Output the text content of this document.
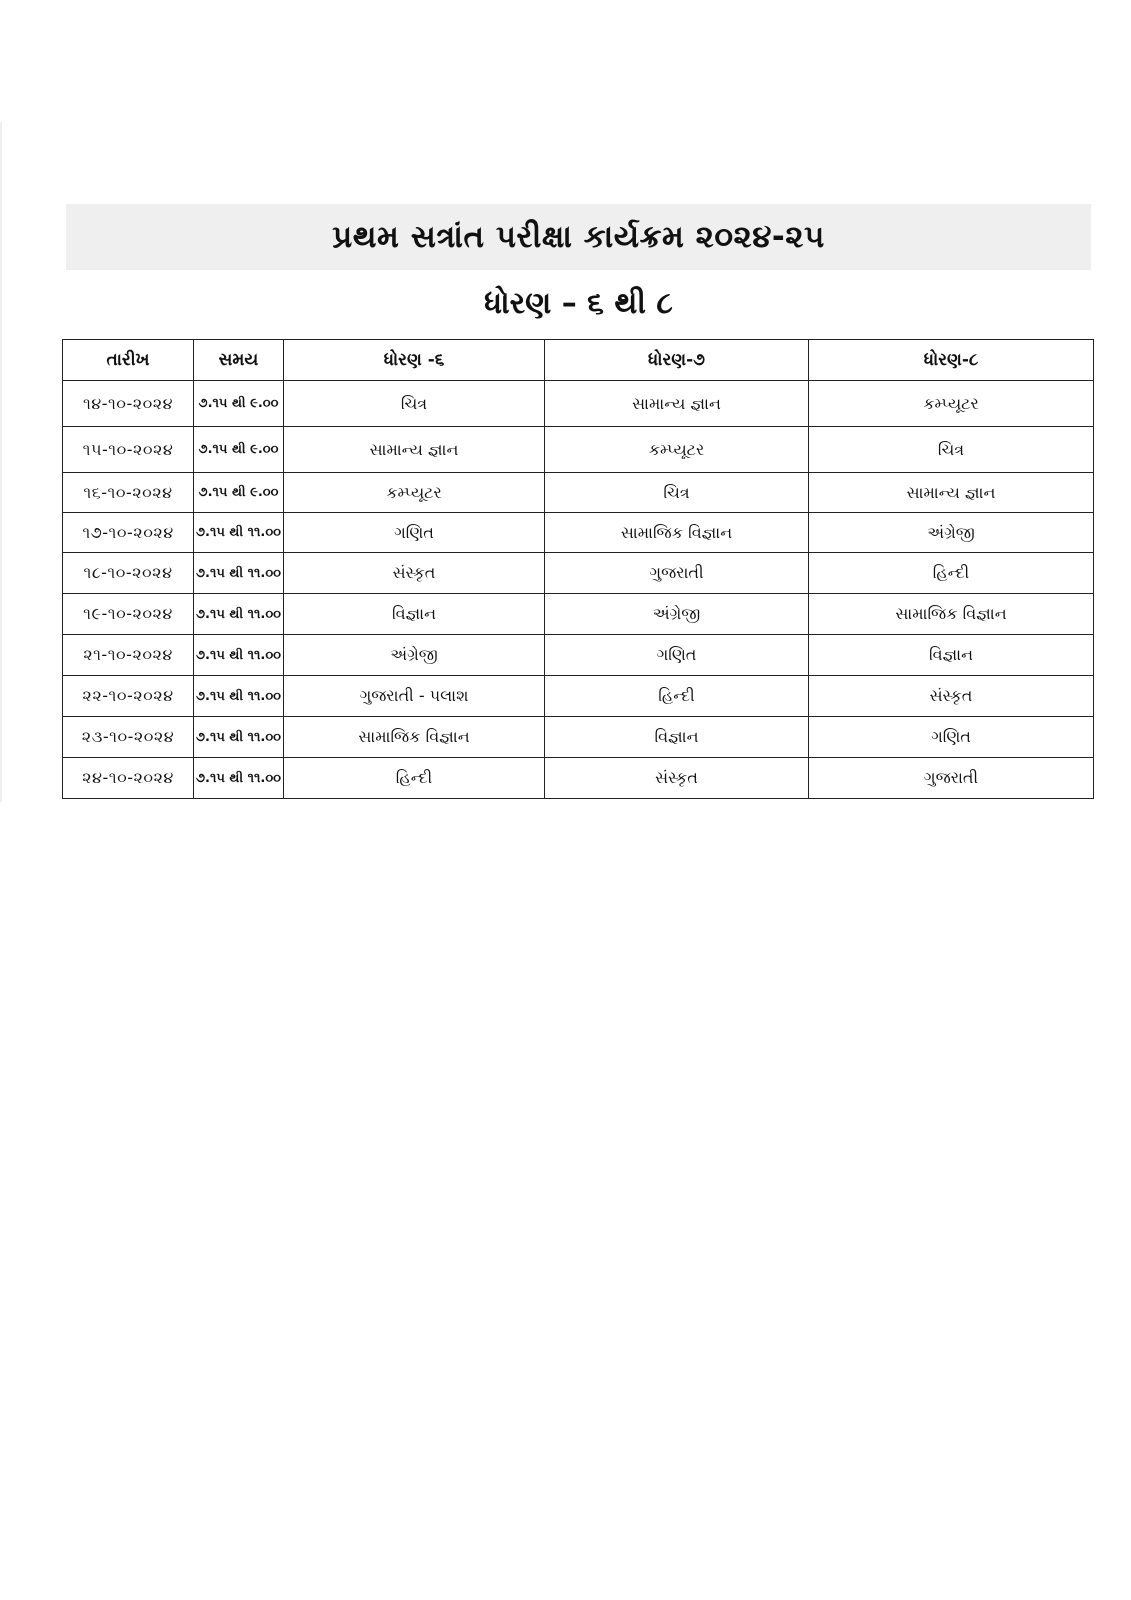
પ્રથમ સત્રાંત પરીક્ષા કાર્યક્રમ ૨૦૨૪-૨૫
ધોરણ – ૬ થી ૮
તારીખ	સમય	ધોરણ -૬	ધોરણ-૭	ધોરણ-૮
૧૪-૧૦-૨૦૨૪	૭.૧૫ થી ૯.૦૦	ચિત્ર	સામાન્ય જ્ઞાન	કમ્પ્યૂટર
૧૫-૧૦-૨૦૨૪	૭.૧૫ થી ૯.૦૦	સામાન્ય જ્ઞાન	કમ્પ્યૂટર	ચિત્ર
૧૬-૧૦-૨૦૨૪	૭.૧૫ થી ૯.૦૦	કમ્પ્યૂટર	ચિત્ર	સામાન્ય જ્ઞાન
૧૭-૧૦-૨૦૨૪	૭.૧૫ થી ૧૧.૦૦	ગણિત	સામાજિક વિજ્ઞાન	અંગ્રેજી
૧૮-૧૦-૨૦૨૪	૭.૧૫ થી ૧૧.૦૦	સંસ્કૃત	ગુજરાતી	હિન્દી
૧૯-૧૦-૨૦૨૪	૭.૧૫ થી ૧૧.૦૦	વિજ્ઞાન	અંગ્રેજી	સામાજિક વિજ્ઞાન
૨૧-૧૦-૨૦૨૪	૭.૧૫ થી ૧૧.૦૦	અંગ્રેજી	ગણિત	વિજ્ઞાન
૨૨-૧૦-૨૦૨૪	૭.૧૫ થી ૧૧.૦૦	ગુજરાતી - પલાશ	હિન્દી	સંસ્કૃત
૨૩-૧૦-૨૦૨૪	૭.૧૫ થી ૧૧.૦૦	સામાજિક વિજ્ઞાન	વિજ્ઞાન	ગણિત
૨૪-૧૦-૨૦૨૪	૭.૧૫ થી ૧૧.૦૦	હિન્દી	સંસ્કૃત	ગુજરાતી
